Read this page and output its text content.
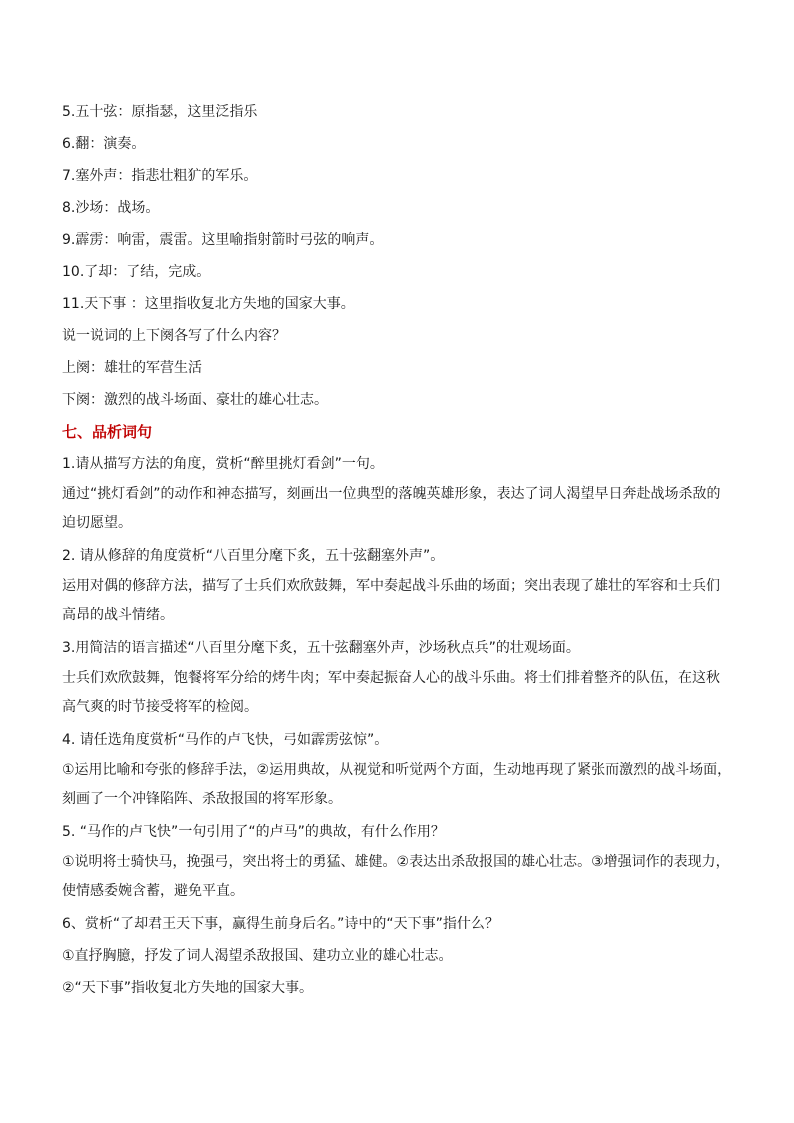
5.五十弦：原指瑟，这里泛指乐
6.翻：演奏。
7.塞外声：指悲壮粗犷的军乐。
8.沙场：战场。
9.霹雳：响雷，震雷。这里喻指射箭时弓弦的响声。
10.了却：了结，完成。
11.天下事 ：这里指收复北方失地的国家大事。
说一说词的上下阕各写了什么内容？
上阕：雄壮的军营生活
下阕：激烈的战斗场面、豪壮的雄心壮志。
七、品析词句
1.请从描写方法的角度，赏析“醉里挑灯看剑”一句。

通过“挑灯看剑”的动作和神态描写，刻画出一位典型的落魄英雄形象，表达了词人渴望早日奔赴战场杀敌的迫切愿望。

2. 请从修辞的角度赏析“八百里分麾下炙，五十弦翻塞外声”。

运用对偶的修辞方法，描写了士兵们欢欣鼓舞，军中奏起战斗乐曲的场面；突出表现了雄壮的军容和士兵们高昂的战斗情绪。

3.用简洁的语言描述“八百里分麾下炙，五十弦翻塞外声，沙场秋点兵”的壮观场面。

士兵们欢欣鼓舞，饱餐将军分给的烤牛肉；军中奏起振奋人心的战斗乐曲。将士们排着整齐的队伍，在这秋高气爽的时节接受将军的检阅。

4. 请任选角度赏析“马作的卢飞快，弓如霹雳弦惊”。

①运用比喻和夸张的修辞手法，②运用典故，从视觉和听觉两个方面，生动地再现了紧张而激烈的战斗场面，刻画了一个冲锋陷阵、杀敌报国的将军形象。

5. “马作的卢飞快”一句引用了“的卢马”的典故，有什么作用？

①说明将士骑快马，挽强弓，突出将士的勇猛、雄健。②表达出杀敌报国的雄心壮志。③增强词作的表现力，使情感委婉含蓄，避免平直。

6、赏析“了却君王天下事，赢得生前身后名。”诗中的“天下事”指什么？
①直抒胸臆，抒发了词人渴望杀敌报国、建功立业的雄心壮志。
②“天下事”指收复北方失地的国家大事。
